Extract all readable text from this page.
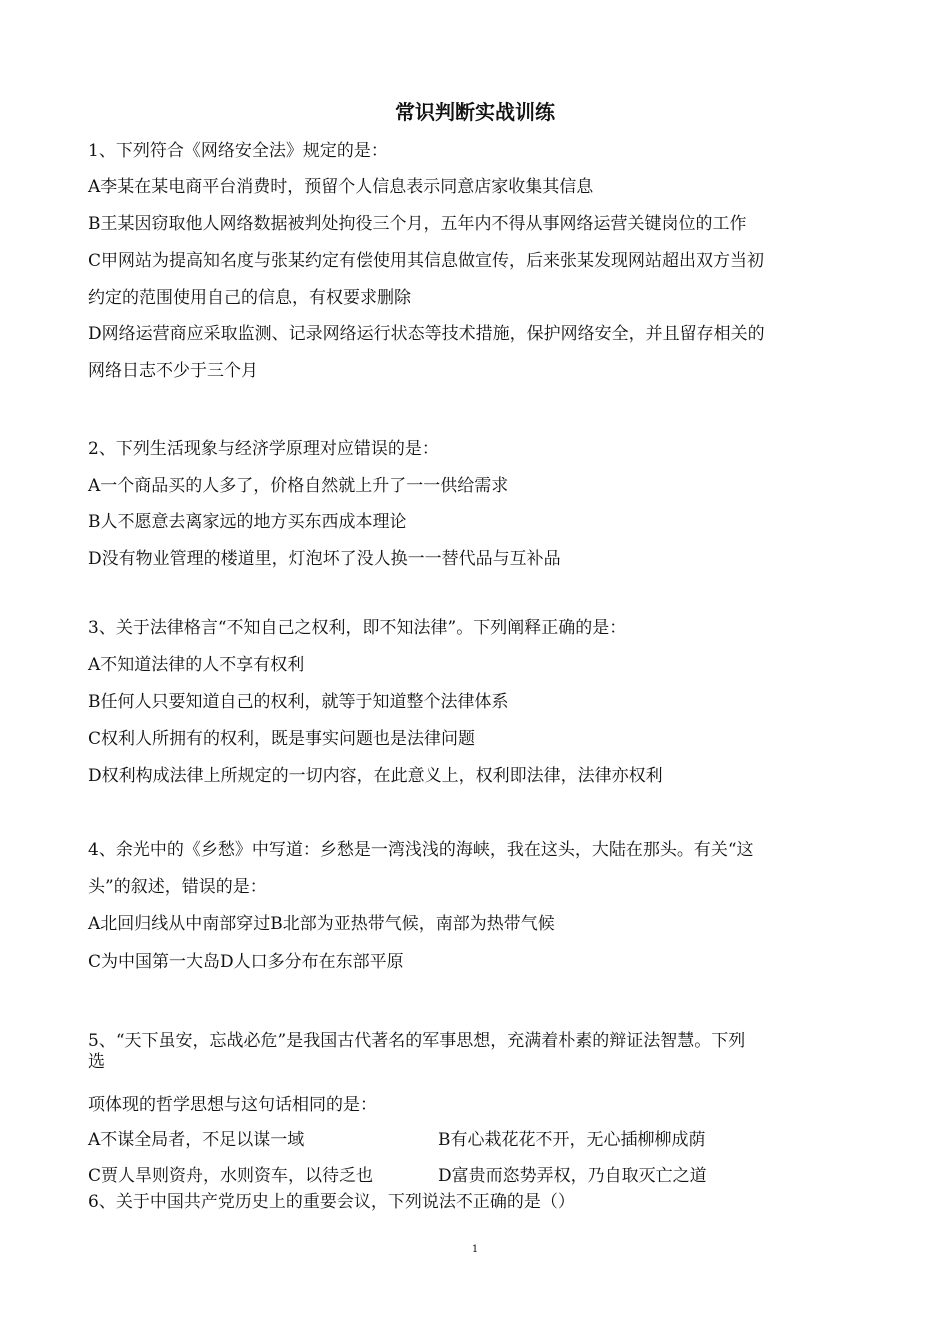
常识判断实战训练
1、下列符合《网络安全法》规定的是：
A李某在某电商平台消费时，预留个人信息表示同意店家收集其信息
B王某因窃取他人网络数据被判处拘役三个月，五年内不得从事网络运营关键岗位的工作
C甲网站为提高知名度与张某约定有偿使用其信息做宣传，后来张某发现网站超出双方当初
约定的范围使用自己的信息，有权要求删除
D网络运营商应采取监测、记录网络运行状态等技术措施，保护网络安全，并且留存相关的
网络日志不少于三个月
2、下列生活现象与经济学原理对应错误的是：
A一个商品买的人多了，价格自然就上升了一一供给需求
B人不愿意去离家远的地方买东西成本理论
D没有物业管理的楼道里，灯泡坏了没人换一一替代品与互补品
3、关于法律格言“不知自己之权利，即不知法律”。下列阐释正确的是：
A不知道法律的人不享有权利
B任何人只要知道自己的权利，就等于知道整个法律体系
C权利人所拥有的权利，既是事实问题也是法律问题
D权利构成法律上所规定的一切内容，在此意义上，权利即法律，法律亦权利
4、余光中的《乡愁》中写道：乡愁是一湾浅浅的海峡，我在这头，大陆在那头。有关“这
头”的叙述，错误的是：
A北回归线从中南部穿过B北部为亚热带气候，南部为热带气候
C为中国第一大岛D人口多分布在东部平原
5、“天下虽安，忘战必危”是我国古代著名的军事思想，充满着朴素的辩证法智慧。下列
选
项体现的哲学思想与这句话相同的是：
A不谋全局者，不足以谋一域	B有心栽花花不开，无心插柳柳成荫
C贾人旱则资舟，水则资车，以待乏也	D富贵而恣势弄权，乃自取灭亡之道
6、关于中国共产党历史上的重要会议，下列说法不正确的是（）
1
